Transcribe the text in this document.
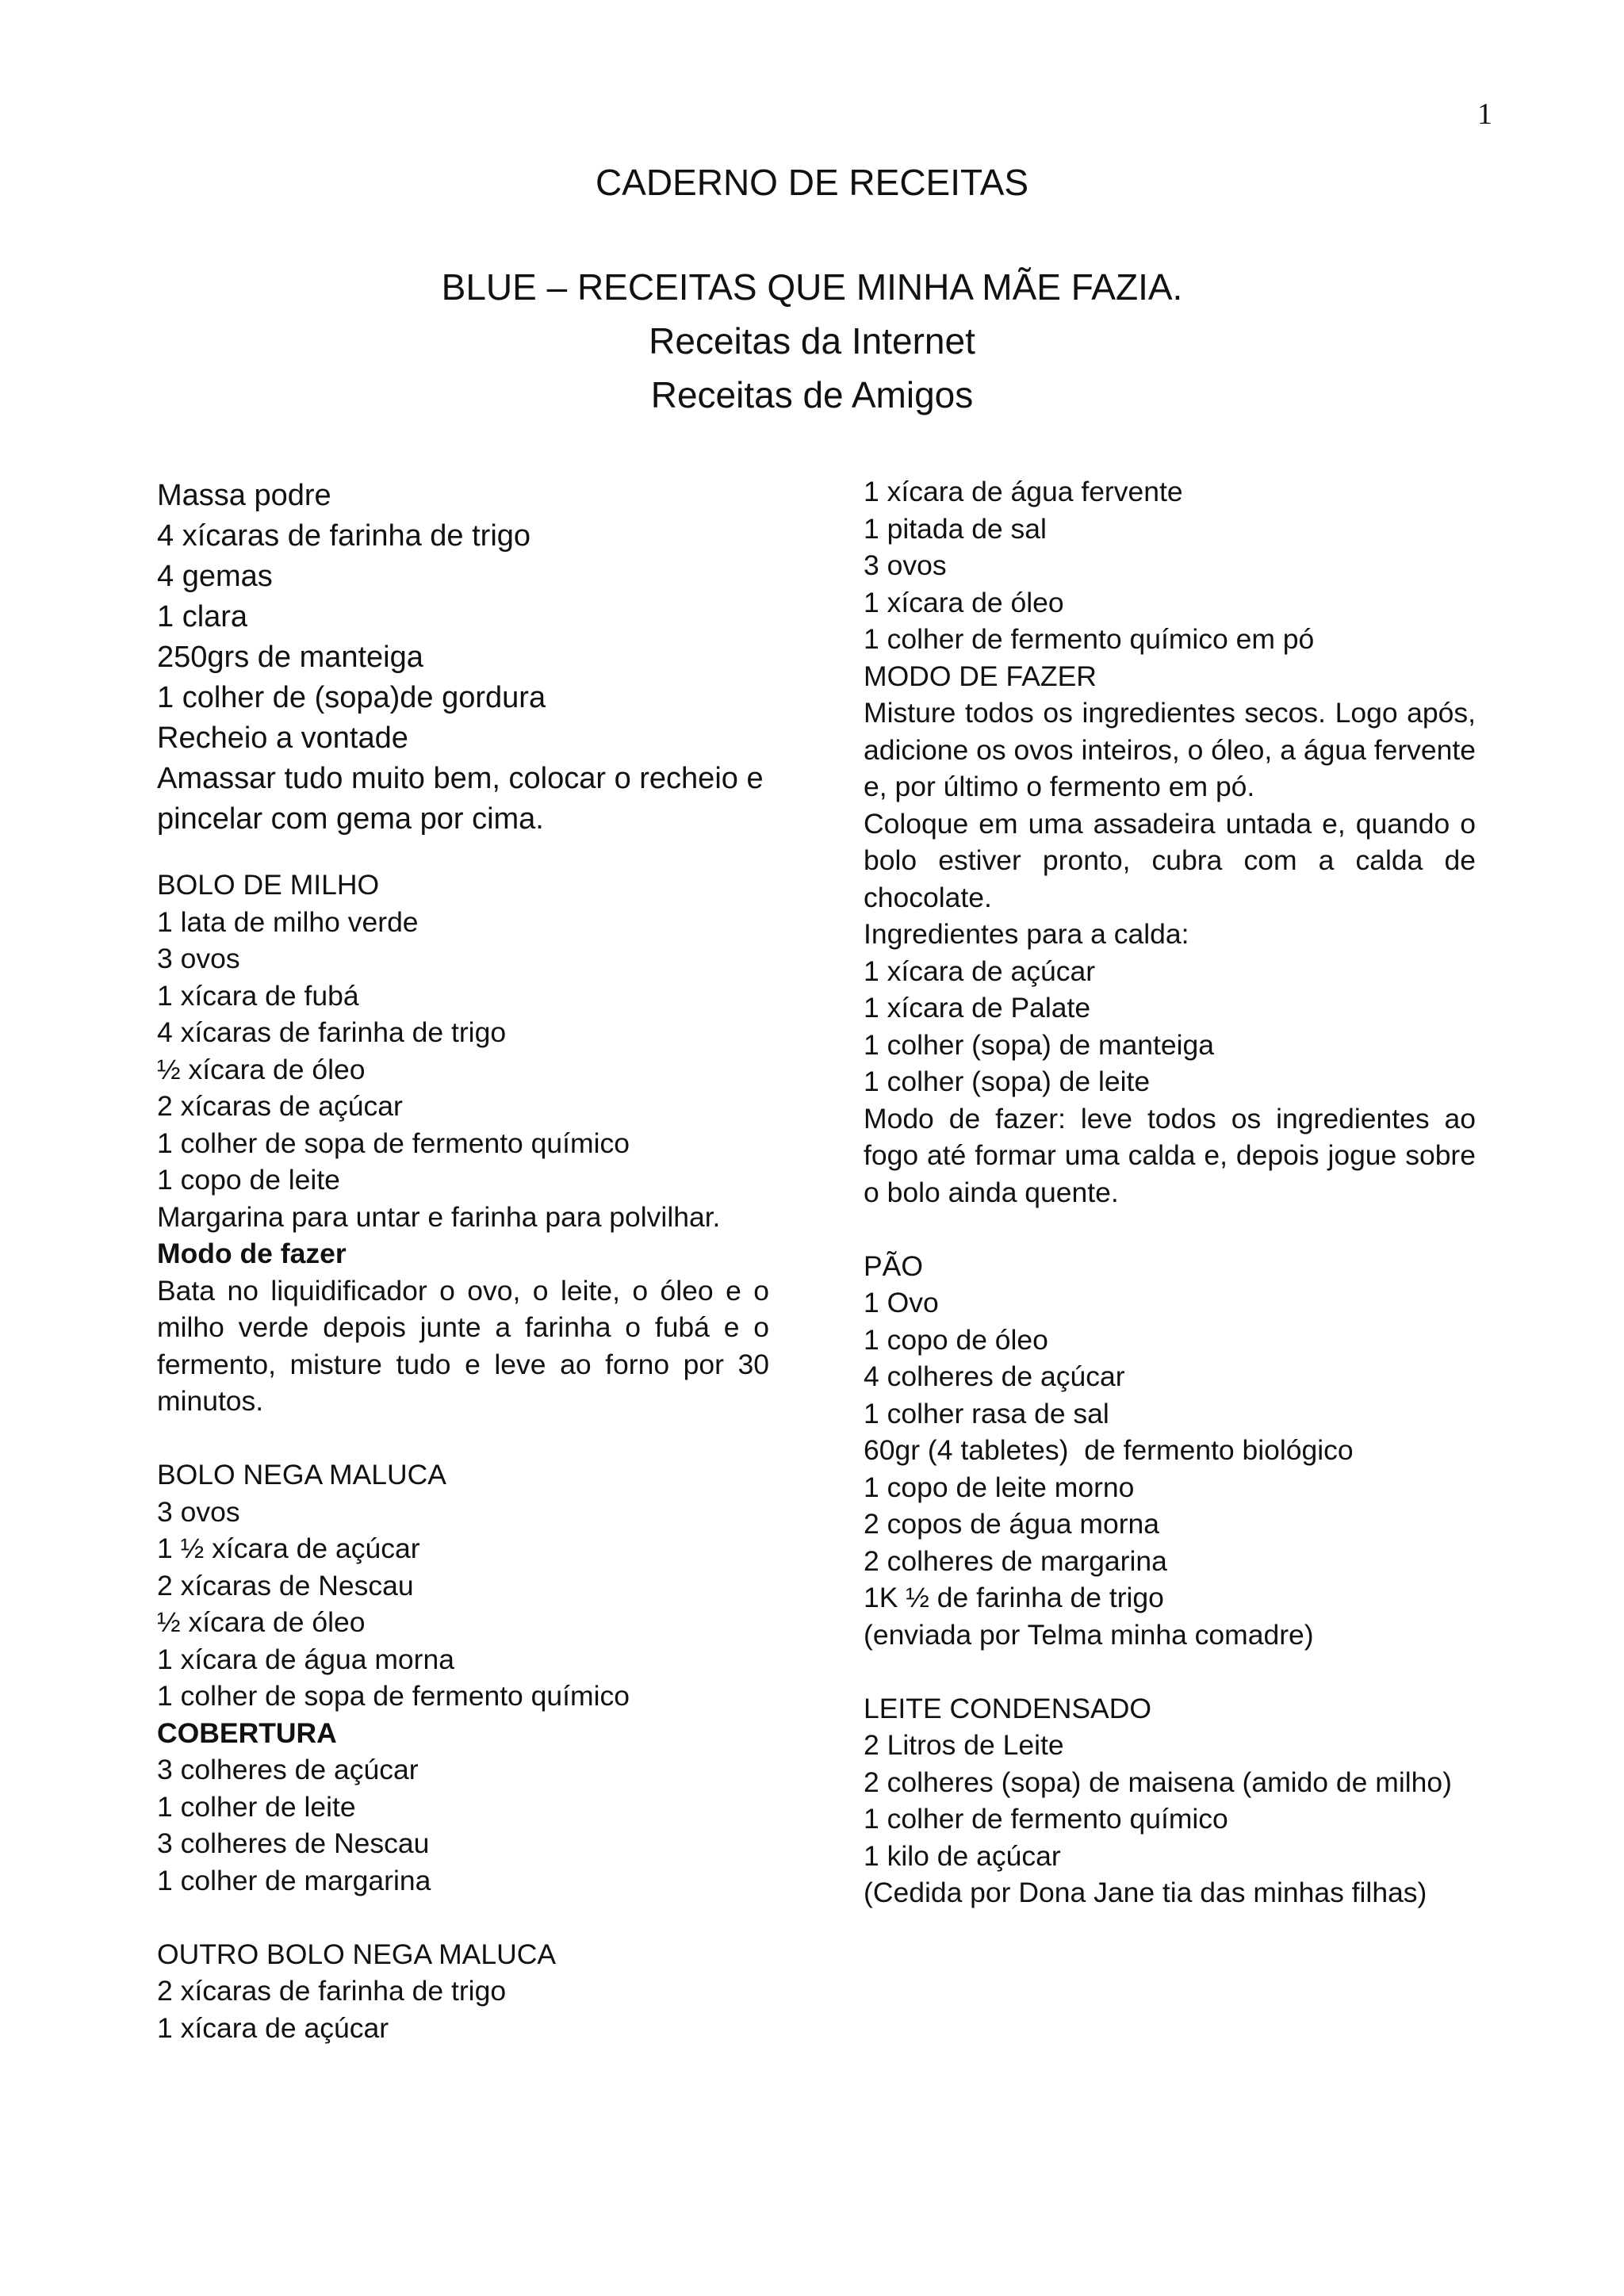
1
CADERNO DE RECEITAS
BLUE – RECEITAS QUE MINHA MÃE FAZIA.
Receitas da Internet
Receitas de Amigos
Massa podre
4 xícaras de farinha de trigo
4 gemas
1 clara
250grs de manteiga
1 colher de (sopa)de gordura
Recheio a vontade

Amassar tudo muito bem, colocar o recheio e pincelar com gema por cima.

BOLO DE MILHO
1 lata de milho verde
3 ovos
1 xícara de fubá
4 xícaras de farinha de trigo
½ xícara de óleo
2 xícaras de açúcar
1 colher de sopa de fermento químico
1 copo de leite
Margarina para untar e farinha para polvilhar.
Modo de fazer

Bata no liquidificador o ovo, o leite, o óleo e o milho verde depois junte a farinha o fubá e o fermento, misture tudo e leve ao forno por 30 minutos.

BOLO NEGA MALUCA
3 ovos
1 ½ xícara de açúcar
2 xícaras de Nescau
½ xícara de óleo
1 xícara de água morna
1 colher de sopa de fermento químico
COBERTURA
3 colheres de açúcar
1 colher de leite
3 colheres de Nescau
1 colher de margarina
OUTRO BOLO NEGA MALUCA
2 xícaras de farinha de trigo
1 xícara de açúcar
1 xícara de água fervente
1 pitada de sal
3 ovos
1 xícara de óleo
1 colher de fermento químico em pó
MODO DE FAZER

Misture todos os ingredientes secos. Logo após, adicione os ovos inteiros, o óleo, a água fervente e, por último o fermento em pó.

Coloque em uma assadeira untada e, quando o bolo estiver pronto, cubra com a calda de chocolate.

Ingredientes para a calda:
1 xícara de açúcar
1 xícara de Palate
1 colher (sopa) de manteiga
1 colher (sopa) de leite

Modo de fazer: leve todos os ingredientes ao fogo até formar uma calda e, depois jogue sobre o bolo ainda quente.

PÃO
1 Ovo
1 copo de óleo
4 colheres de açúcar
1 colher rasa de sal
60gr (4 tabletes)  de fermento biológico
1 copo de leite morno
2 copos de água morna
2 colheres de margarina
1K ½ de farinha de trigo
(enviada por Telma minha comadre)
LEITE CONDENSADO
2 Litros de Leite
2 colheres (sopa) de maisena (amido de milho)
1 colher de fermento químico
1 kilo de açúcar
(Cedida por Dona Jane tia das minhas filhas)
